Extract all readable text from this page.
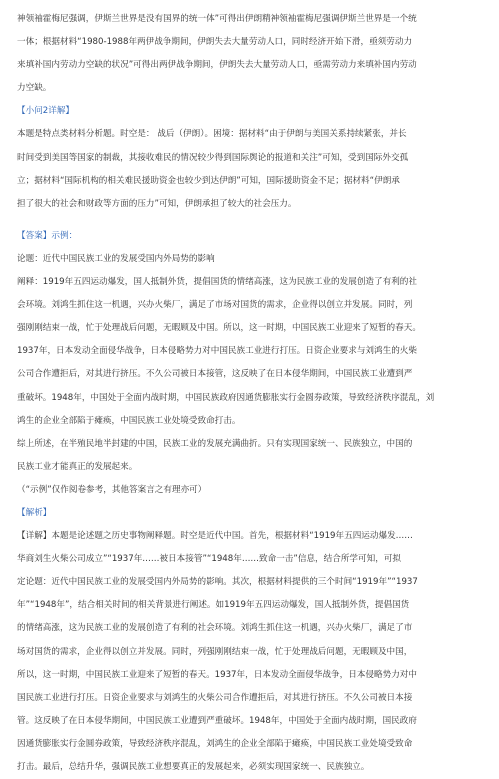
神领袖霍梅尼强调，伊斯兰世界是没有国界的统一体”可得出伊朗精神领袖霍梅尼强调伊斯兰世界是一个统
一体；根据材料“1980-1988年两伊战争期间，伊朗失去大量劳动人口，同时经济开始下滑，亟须劳动力
来填补国内劳动力空缺的状况”可得出两伊战争期间，伊朗失去大量劳动人口，亟需劳动力来填补国内劳动
力空缺。
【小问2详解】
本题是特点类材料分析题。时空是： 战后（伊朗）。困境：据材料“由于伊朗与美国关系持续紧张，并长
时间受到美国等国家的制裁，其接收难民的情况较少得到国际舆论的报道和关注”可知，受到国际外交孤
立；据材料“国际机构的相关难民援助资金也较少到达伊朗”可知，国际援助资金不足；据材料“伊朗承
担了很大的社会和财政等方面的压力”可知，伊朗承担了较大的社会压力。
【答案】示例：
论题：近代中国民族工业的发展受国内外局势的影响
阐释：1919年五四运动爆发，国人抵制外货，提倡国货的情绪高涨，这为民族工业的发展创造了有利的社
会环境。刘鸿生抓住这一机遇，兴办火柴厂，满足了市场对国货的需求，企业得以创立并发展。同时，列
强刚刚结束一战，忙于处理战后问题，无暇顾及中国。所以，这一时期，中国民族工业迎来了短暂的春天。
1937年，日本发动全面侵华战争，日本侵略势力对中国民族工业进行打压。日资企业要求与刘鸿生的火柴
公司合作遭拒后，对其进行挤压。不久公司被日本接管，这反映了在日本侵华期间，中国民族工业遭到严
重破坏。1948年，中国处于全面内战时期，中国民族政府因通货膨胀实行金圆券政策，导致经济秩序混乱，刘
鸿生的企业全部陷于瘫痪，中国民族工业处境受致命打击。
综上所述，在半殖民地半封建的中国，民族工业的发展充满曲折。只有实现国家统一、民族独立，中国的
民族工业才能真正的发展起来。
（“示例”仅作阅卷参考，其他答案言之有理亦可）
【解析】
【详解】本题是论述题之历史事物阐释题。时空是近代中国。首先，根据材料“1919年五四运动爆发……
华商刘生火柴公司成立”“1937年……被日本接管”“1948年……致命一击”信息，结合所学可知，可拟
定论题：近代中国民族工业的发展受国内外局势的影响。其次，根据材料提供的三个时间“1919年”“1937
年”“1948年”，结合相关时间的相关背景进行阐述。如1919年五四运动爆发，国人抵制外货，提倡国货
的情绪高涨，这为民族工业的发展创造了有利的社会环境。刘鸿生抓住这一机遇，兴办火柴厂，满足了市
场对国货的需求，企业得以创立并发展。同时，列强刚刚结束一战，忙于处理战后问题，无暇顾及中国，
所以，这一时期，中国民族工业迎来了短暂的春天。1937年，日本发动全面侵华战争，日本侵略势力对中
国民族工业进行打压。日资企业要求与刘鸿生的火柴公司合作遭拒后，对其进行挤压。不久公司被日本接
管。这反映了在日本侵华期间，中国民族工业遭到严重破坏。1948年，中国处于全面内战时期，国民政府
因通货膨胀实行金圆券政策，导致经济秩序混乱，刘鸿生的企业全部陷于瘫痪，中国民族工业处境受致命
打击。最后，总结升华，强调民族工业想要真正的发展起来，必须实现国家统一、民族独立。
